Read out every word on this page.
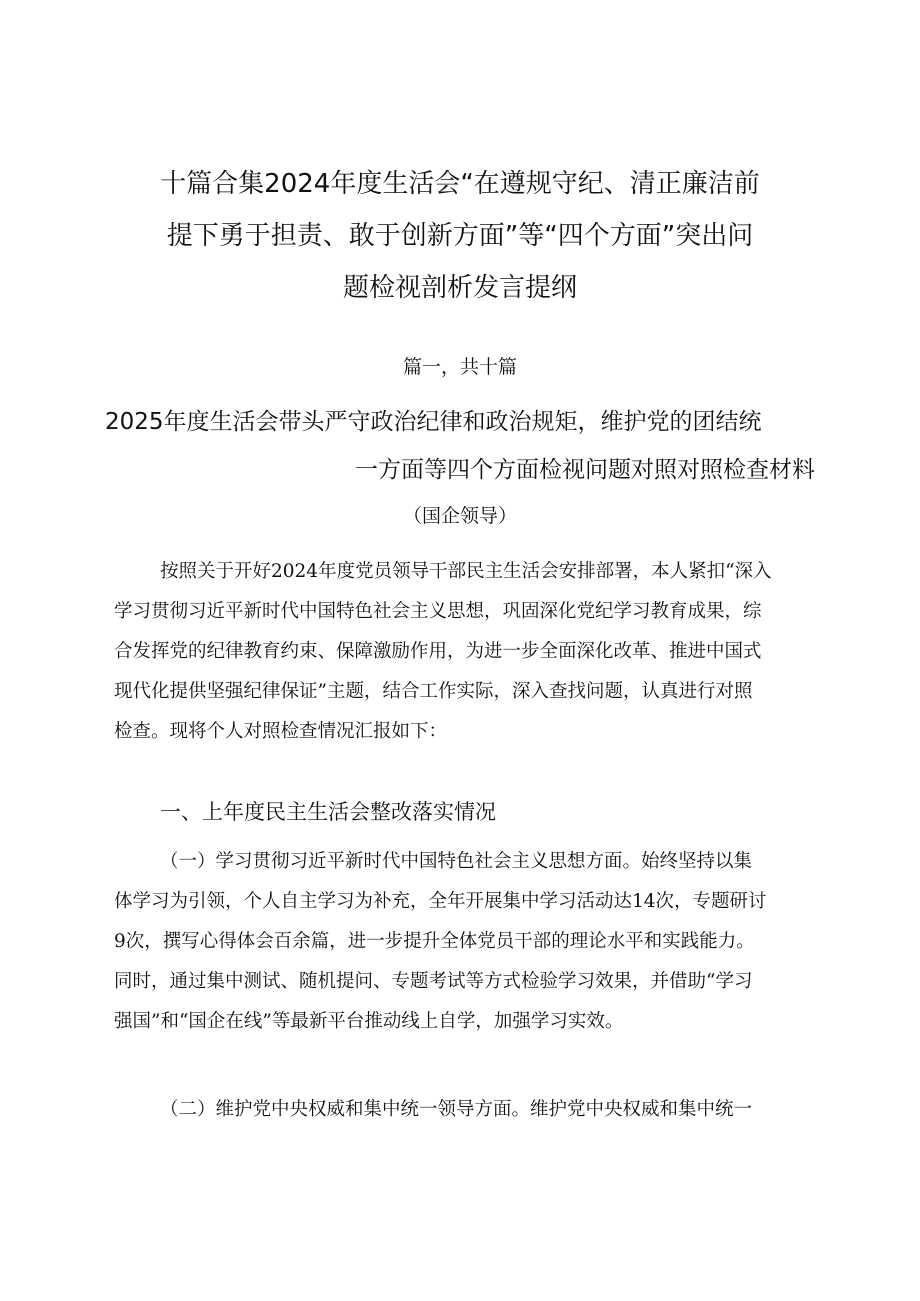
十篇合集2024年度生活会“在遵规守纪、清正廉洁前
提下勇于担责、敢于创新方面”等“四个方面”突出问
题检视剖析发言提纲
篇一，共十篇
2025年度生活会带头严守政治纪律和政治规矩，维护党的团结统
一方面等四个方面检视问题对照对照检查材料
（国企领导）
按照关于开好2024年度党员领导干部民主生活会安排部署，本人紧扣“深入
学习贯彻习近平新时代中国特色社会主义思想，巩固深化党纪学习教育成果，综
合发挥党的纪律教育约束、保障激励作用，为进一步全面深化改革、推进中国式
现代化提供坚强纪律保证”主题，结合工作实际，深入查找问题，认真进行对照
检查。现将个人对照检查情况汇报如下：
一、上年度民主生活会整改落实情况
（一）学习贯彻习近平新时代中国特色社会主义思想方面。始终坚持以集
体学习为引领，个人自主学习为补充，全年开展集中学习活动达14次，专题研讨
9次，撰写心得体会百余篇，进一步提升全体党员干部的理论水平和实践能力。
同时，通过集中测试、随机提问、专题考试等方式检验学习效果，并借助“学习
强国”和“国企在线”等最新平台推动线上自学，加强学习实效。
（二）维护党中央权威和集中统一领导方面。维护党中央权威和集中统一
